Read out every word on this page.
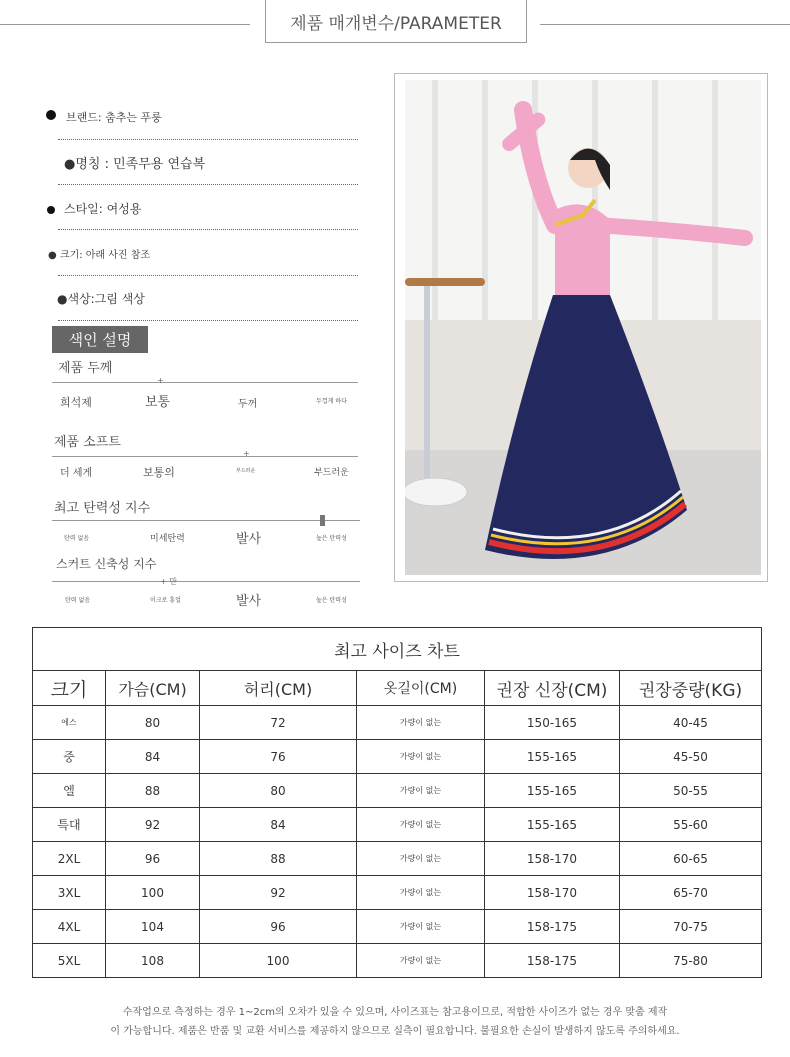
제품 매개변수/PARAMETER
브랜드: 춤추는 푸룽
●명칭 : 민족무용 연습복
스타일: 여성용
● 크기: 아래 사진 참조
●색상:그림 색상
색인 설명
제품 두께
+
희석제	보통	두꺼	두껍게 하다
제품 소프트
+
더 세게	보통의	부드러운	부드러운
최고 탄력성 지수
탄력 없음	미세탄력	발사	높은 탄력성
스커트 신축성 지수
+ 만
탄력 없음	이크로 흥얼	발사	높은 탄력성
최고 사이즈 차트					
크기	가슴(CM)	허리(CM)	옷길이(CM)	권장 신장(CM)	권장중량(KG)
에스	80	72	가량이 없는	150-165	40-45
중	84	76	가량이 없는	155-165	45-50
엘	88	80	가량이 없는	155-165	50-55
특대	92	84	가량이 없는	155-165	55-60
2XL	96	88	가량이 없는	158-170	60-65
3XL	100	92	가량이 없는	158-170	65-70
4XL	104	96	가량이 없는	158-175	70-75
5XL	108	100	가량이 없는	158-175	75-80
수작업으로 측정하는 경우 1~2cm의 오차가 있을 수 있으며, 사이즈표는 참고용이므로, 적합한 사이즈가 없는 경우 맞춤 제작
이 가능합니다. 제품은 반품 및 교환 서비스를 제공하지 않으므로 실측이 필요합니다. 불필요한 손실이 발생하지 않도록 주의하세요.
